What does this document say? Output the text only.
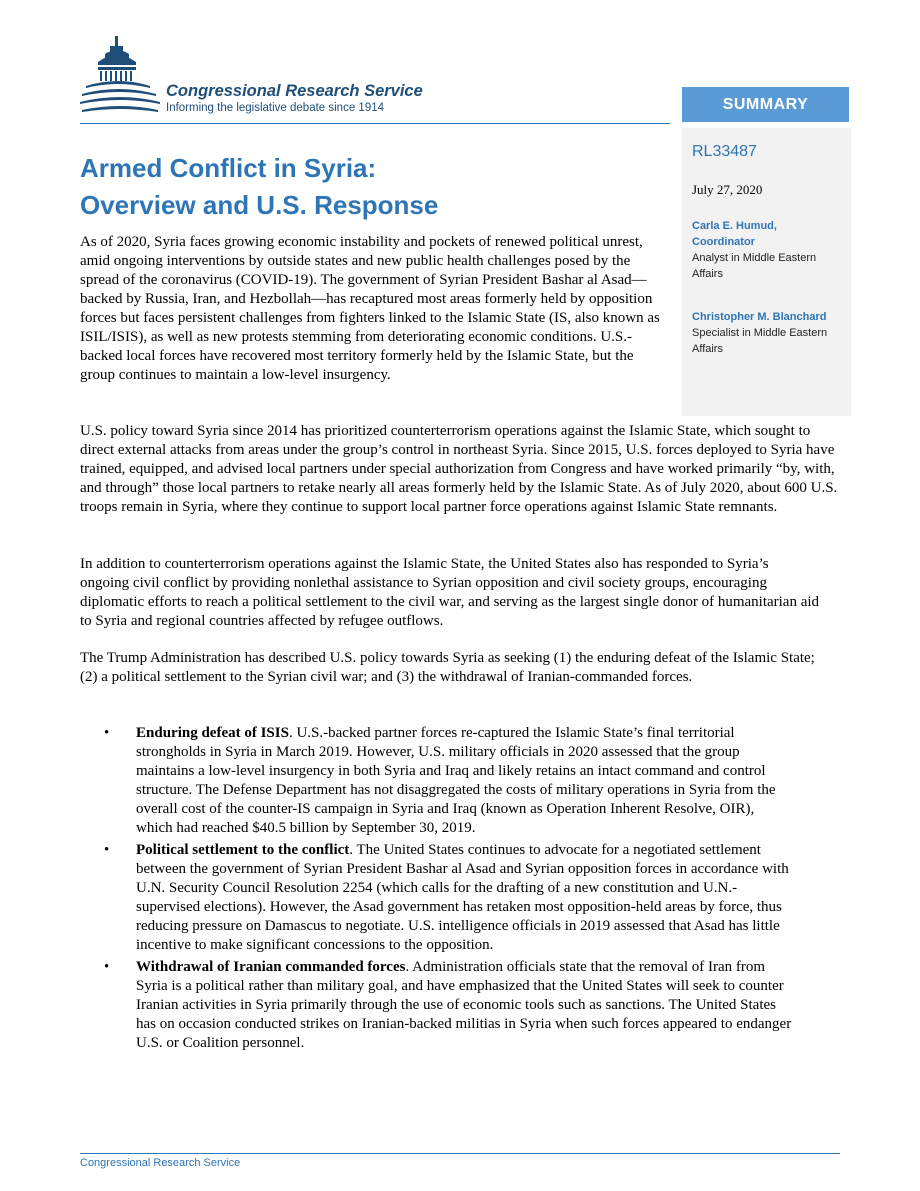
Congressional Research Service
Informing the legislative debate since 1914	SUMMARY
RL33487
July 27, 2020
Carla E. Humud,
Coordinator
Analyst in Middle Eastern Affairs
Christopher M. Blanchard
Specialist in Middle Eastern Affairs
Armed Conflict in Syria:
Overview and U.S. Response
As of 2020, Syria faces growing economic instability and pockets of renewed political unrest, amid ongoing interventions by outside states and new public health challenges posed by the spread of the coronavirus (COVID-19). The government of Syrian President Bashar al Asad—backed by Russia, Iran, and Hezbollah—has recaptured most areas formerly held by opposition forces but faces persistent challenges from fighters linked to the Islamic State (IS, also known as ISIL/ISIS), as well as new protests stemming from deteriorating economic conditions. U.S.-backed local forces have recovered most territory formerly held by the Islamic State, but the group continues to maintain a low-level insurgency.
U.S. policy toward Syria since 2014 has prioritized counterterrorism operations against the Islamic State, which sought to direct external attacks from areas under the group’s control in northeast Syria. Since 2015, U.S. forces deployed to Syria have trained, equipped, and advised local partners under special authorization from Congress and have worked primarily “by, with, and through” those local partners to retake nearly all areas formerly held by the Islamic State. As of July 2020, about 600 U.S. troops remain in Syria, where they continue to support local partner force operations against Islamic State remnants.
In addition to counterterrorism operations against the Islamic State, the United States also has responded to Syria’s ongoing civil conflict by providing nonlethal assistance to Syrian opposition and civil society groups, encouraging diplomatic efforts to reach a political settlement to the civil war, and serving as the largest single donor of humanitarian aid to Syria and regional countries affected by refugee outflows.
The Trump Administration has described U.S. policy towards Syria as seeking (1) the enduring defeat of the Islamic State; (2) a political settlement to the Syrian civil war; and (3) the withdrawal of Iranian-commanded forces.
•	Enduring defeat of ISIS. U.S.-backed partner forces re-captured the Islamic State’s final territorial strongholds in Syria in March 2019. However, U.S. military officials in 2020 assessed that the group maintains a low-level insurgency in both Syria and Iraq and likely retains an intact command and control structure. The Defense Department has not disaggregated the costs of military operations in Syria from the overall cost of the counter-IS campaign in Syria and Iraq (known as Operation Inherent Resolve, OIR), which had reached $40.5 billion by September 30, 2019.
•	Political settlement to the conflict. The United States continues to advocate for a negotiated settlement between the government of Syrian President Bashar al Asad and Syrian opposition forces in accordance with U.N. Security Council Resolution 2254 (which calls for the drafting of a new constitution and U.N.-supervised elections). However, the Asad government has retaken most opposition-held areas by force, thus reducing pressure on Damascus to negotiate. U.S. intelligence officials in 2019 assessed that Asad has little incentive to make significant concessions to the opposition.
•	Withdrawal of Iranian commanded forces. Administration officials state that the removal of Iran from Syria is a political rather than military goal, and have emphasized that the United States will seek to counter Iranian activities in Syria primarily through the use of economic tools such as sanctions. The United States has on occasion conducted strikes on Iranian-backed militias in Syria when such forces appeared to endanger U.S. or Coalition personnel.
Congressional Research Service
